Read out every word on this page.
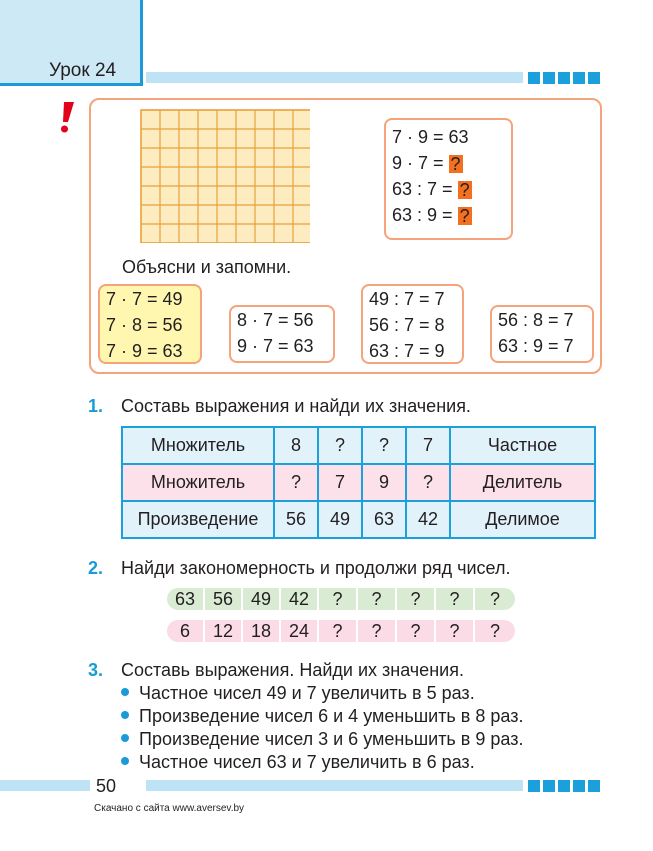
Урок 24
7 · 9 = 63
9 · 7 = ?
63 : 7 = ?
63 : 9 = ?
Объясни и запомни.
7 · 7 = 49
7 · 8 = 56
7 · 9 = 63
8 · 7 = 56
9 · 7 = 63
49 : 7 = 7
56 : 7 = 8
63 : 7 = 9
56 : 8 = 7
63 : 9 = 7
1. Составь выражения и найди их значения.
Множитель	8	?	?	7	Частное
Множитель	?	7	9	?	Делитель
Произведение	56	49	63	42	Делимое
2. Найди закономерность и продолжи ряд чисел.
63 56 49 42	?	?	?	?	?
6	12 18 24	?	?	?	?	?
3. Составь выражения. Найди их значения.
Частное чисел 49 и 7 увеличить в 5 раз.
Произведение чисел 6 и 4 уменьшить в 8 раз.
Произведение чисел 3 и 6 уменьшить в 9 раз.
Частное чисел 63 и 7 увеличить в 6 раз.
50
Скачано с сайта www.aversev.by
